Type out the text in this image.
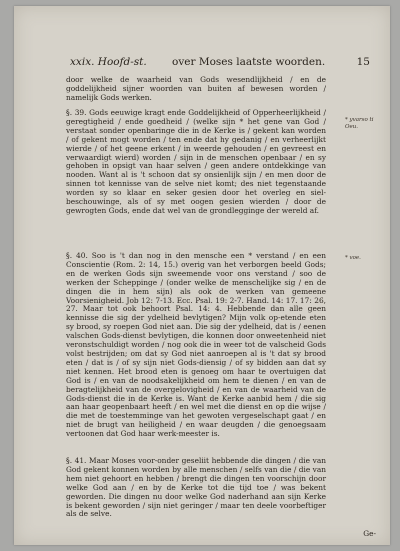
xxix. Hoofd-st. over Moses laatste woorden.	15
door welke de waarheid van Gods wesendlijkheid / en de goddelijkheid sijner woorden van buiten af bewesen worden / namelijk Gods werken.
§. 39. Gods eeuwige kragt ende Goddelijkheid of Opperheerlijkheid / geregtigheid / ende goedheid / (welke sijn * het gene van God / verstaat sonder openbaringe die in de Kerke is / gekent kan worden / of gekent mogt worden / ten ende dat hy gedanig / en verheerlijkt wierde / of het geene erkent / in weerde gehouden / en gevreest en verwaardigt wierd) worden / sijn in de menschen openbaar / en sy gehoben in opsigt van haar selven / geen andere ontdekkinge van nooden. Want al is 't schoon dat sy onsienlijk sijn / en men door de sinnen tot kennisse van de selve niet komt; des niet tegenstaande worden sy so klaar en seker gesien door het overleg en siel-beschouwinge, als of sy met oogen gesien wierden / door de gewrogten Gods, ende dat wel van de grondlegginge der wereld af.
§. 40. Soo is 't dan nog in den mensche een * verstand / en een Conscientie (Rom. 2: 14, 15.) overig van het verborgen beeld Gods; en de werken Gods sijn sweemende voor ons verstand / soo de werken der Scheppinge / (onder welke de menschelijke sig / en de dingen die in hem sijn) als ook de werken van gemeene Voorsienigheid. Job 12: 7-13. Ecc. Psal. 19: 2-7. Hand. 14: 17. 17: 26, 27. Maar tot ook behoort Psal. 14: 4. Hebbende dan alle geen kennisse die sig der ydelheid bevlytigen? Mijn volk op-etende eten sy brood, sy roepen God niet aan. Die sig der ydelheid, dat is / eenen valschen Gods-dienst bevlytigen, die konnen door onweetenheid niet veronstschuldigt worden / nog ook die in weer tot de valscheid Gods volst bestrijden; om dat sy God niet aanroepen al is 't dat sy brood eten / dat is / of sy sijn niet Gods-diensig / of sy bidden aan dat sy niet kennen. Het brood eten is genoeg om haar te overtuigen dat God is / en van de noodsakelijkheid om hem te dienen / en van de beragtelijkheid van de overgelovigheid / en van de waarheid van de Gods-dienst die in de Kerke is. Want de Kerke aanbid hem / die sig aan haar geopenbaart heeft / en wel met die dienst en op die wijse / die met de toestemminge van het gewoten vergeselschapt gaat / en niet de brugt van heiligheid / en waar deugden / die genoegsaam vertoonen dat God haar werk-meester is.
§. 41. Maar Moses voor-onder geseliit hebbende die dingen / die van God gekent konnen worden by alle menschen / selfs van die / die van hem niet gehoort en hebben / brengt die dingen ten voorschijn door welke God aan / en by de Kerke tot die tijd toe / was bekent geworden. Die dingen nu door welke God naderhand aan sijn Kerke is bekent geworden / sijn niet geringer / maar ten deele voorbeftiger als de selve.
* yvarso ti Oeu.
* voe.
Ge-
